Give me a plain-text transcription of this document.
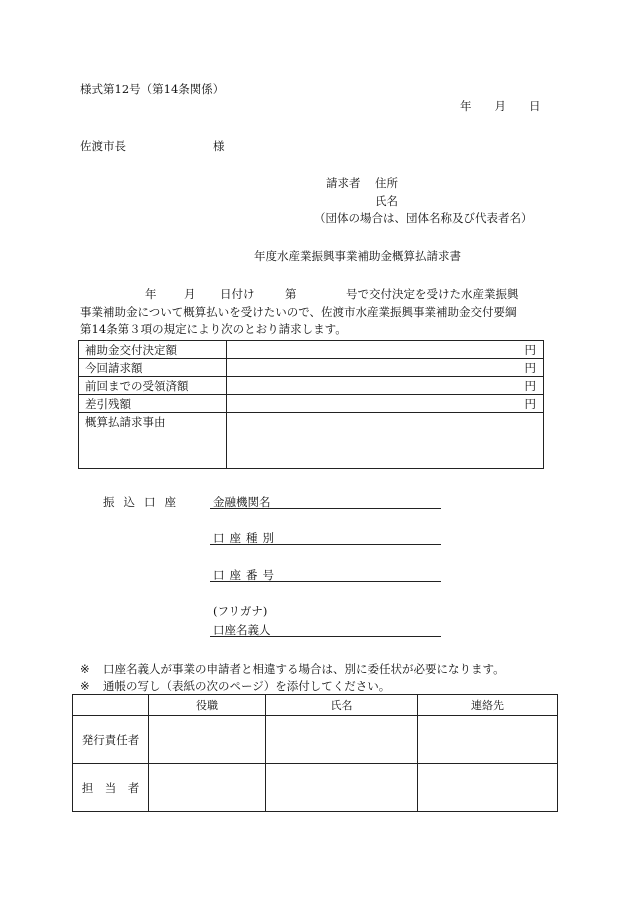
様式第12号（第14条関係）
年　　月　　日
佐渡市長	様
請求者 住所
氏名
（団体の場合は、団体名称及び代表者名）
年度水産業振興事業補助金概算払請求書
年 月 日付け	第	号で交付決定を受けた水産業振興
事業補助金について概算払いを受けたいので、佐渡市水産業振興事業補助金交付要綱
第14条第３項の規定により次のとおり請求します。
補助金交付決定額	円
今回請求額	円
前回までの受領済額	円
差引残額	円
概算払請求事由	
振込口座 金融機関名
口座種別
口座番号
(フリガナ)
口座名義人
※ 口座名義人が事業の申請者と相違する場合は、別に委任状が必要になります。
※ 通帳の写し（表紙の次のページ）を添付してください。
	役職	氏名	連絡先
発行責任者			
担　当　者			
